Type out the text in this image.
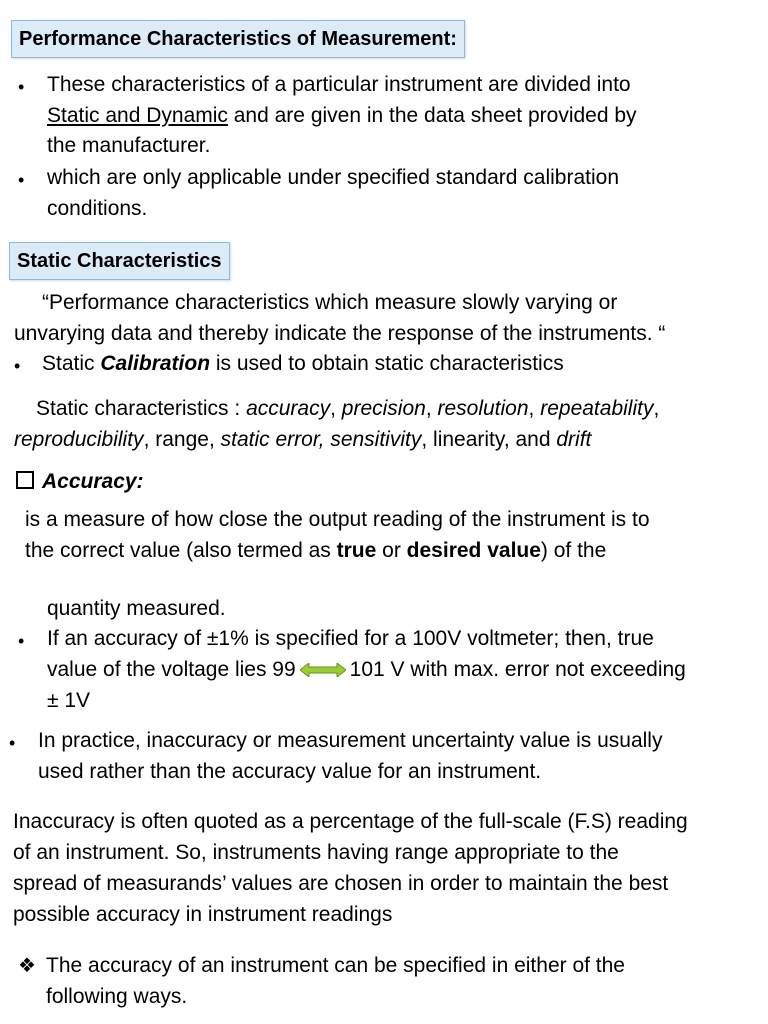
Performance Characteristics of Measurement:
• These characteristics of a particular instrument are divided into
Static and Dynamic and are given in the data sheet provided by
the manufacturer.
• which are only applicable under specified standard calibration
conditions.
Static Characteristics
“Performance characteristics which measure slowly varying or
unvarying data and thereby indicate the response of the instruments. “
• Static Calibration is used to obtain static characteristics
Static characteristics : accuracy, precision, resolution, repeatability,
reproducibility, range, static error, sensitivity, linearity, and drift
Accuracy:
is a measure of how close the output reading of the instrument is to
the correct value (also termed as true or desired value) of the
quantity measured.
• If an accuracy of ±1% is specified for a 100V voltmeter; then, true
value of the voltage lies 99	101 V with max. error not exceeding
± 1V
• In practice, inaccuracy or measurement uncertainty value is usually
used rather than the accuracy value for an instrument.
Inaccuracy is often quoted as a percentage of the full-scale (F.S) reading
of an instrument. So, instruments having range appropriate to the
spread of measurands’ values are chosen in order to maintain the best
possible accuracy in instrument readings
❖ The accuracy of an instrument can be specified in either of the
following ways.
